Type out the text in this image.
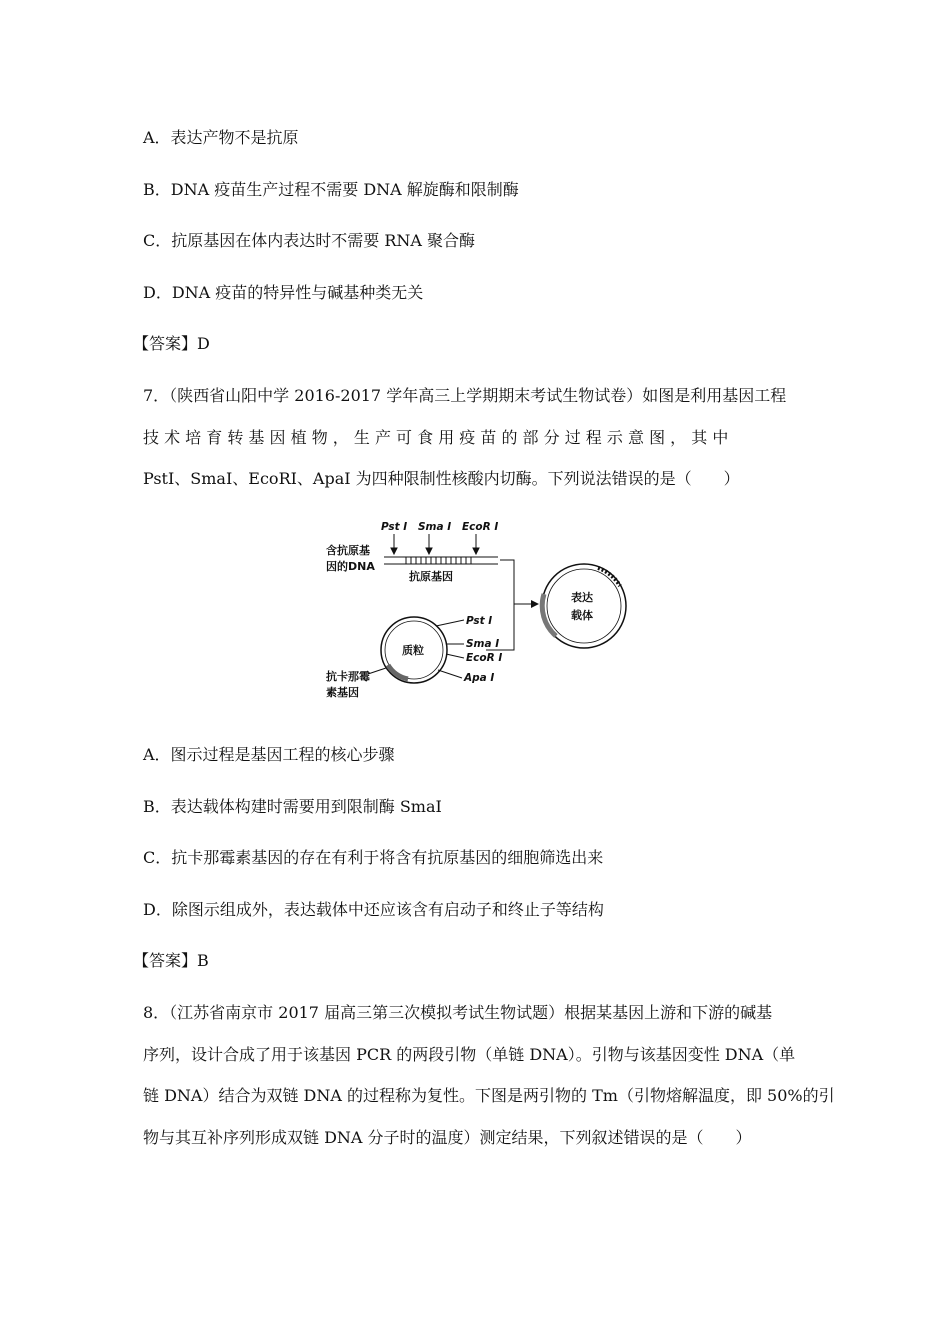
A．表达产物不是抗原
B．DNA 疫苗生产过程不需要 DNA 解旋酶和限制酶
C．抗原基因在体内表达时不需要 RNA 聚合酶
D．DNA 疫苗的特异性与碱基种类无关
【答案】D
7．（陕西省山阳中学 2016-2017 学年高三上学期期末考试生物试卷）如图是利用基因工程
技 术 培 育 转 基 因 植 物 ， 生 产 可 食 用 疫 苗 的 部 分 过 程 示 意 图 ， 其 中
PstⅠ、SmaⅠ、EcoRⅠ、ApaⅠ 为四种限制性核酸内切酶。下列说法错误的是（　　）
Pst Ⅰ Sma Ⅰ EcoR Ⅰ
含抗原基
因的DNA
抗原基因
质粒
Pst Ⅰ
Sma Ⅰ
EcoR Ⅰ
Apa Ⅰ
抗卡那霉
素基因
表达
载体
A．图示过程是基因工程的核心步骤
B．表达载体构建时需要用到限制酶 SmaⅠ
C．抗卡那霉素基因的存在有利于将含有抗原基因的细胞筛选出来
D．除图示组成外，表达载体中还应该含有启动子和终止子等结构
【答案】B
8．（江苏省南京市 2017 届高三第三次模拟考试生物试题）根据某基因上游和下游的碱基
序列，设计合成了用于该基因 PCR 的两段引物（单链 DNA）。引物与该基因变性 DNA（单
链 DNA）结合为双链 DNA 的过程称为复性。下图是两引物的 Tm（引物熔解温度，即 50%的引
物与其互补序列形成双链 DNA 分子时的温度）测定结果，下列叙述错误的是（　　）
